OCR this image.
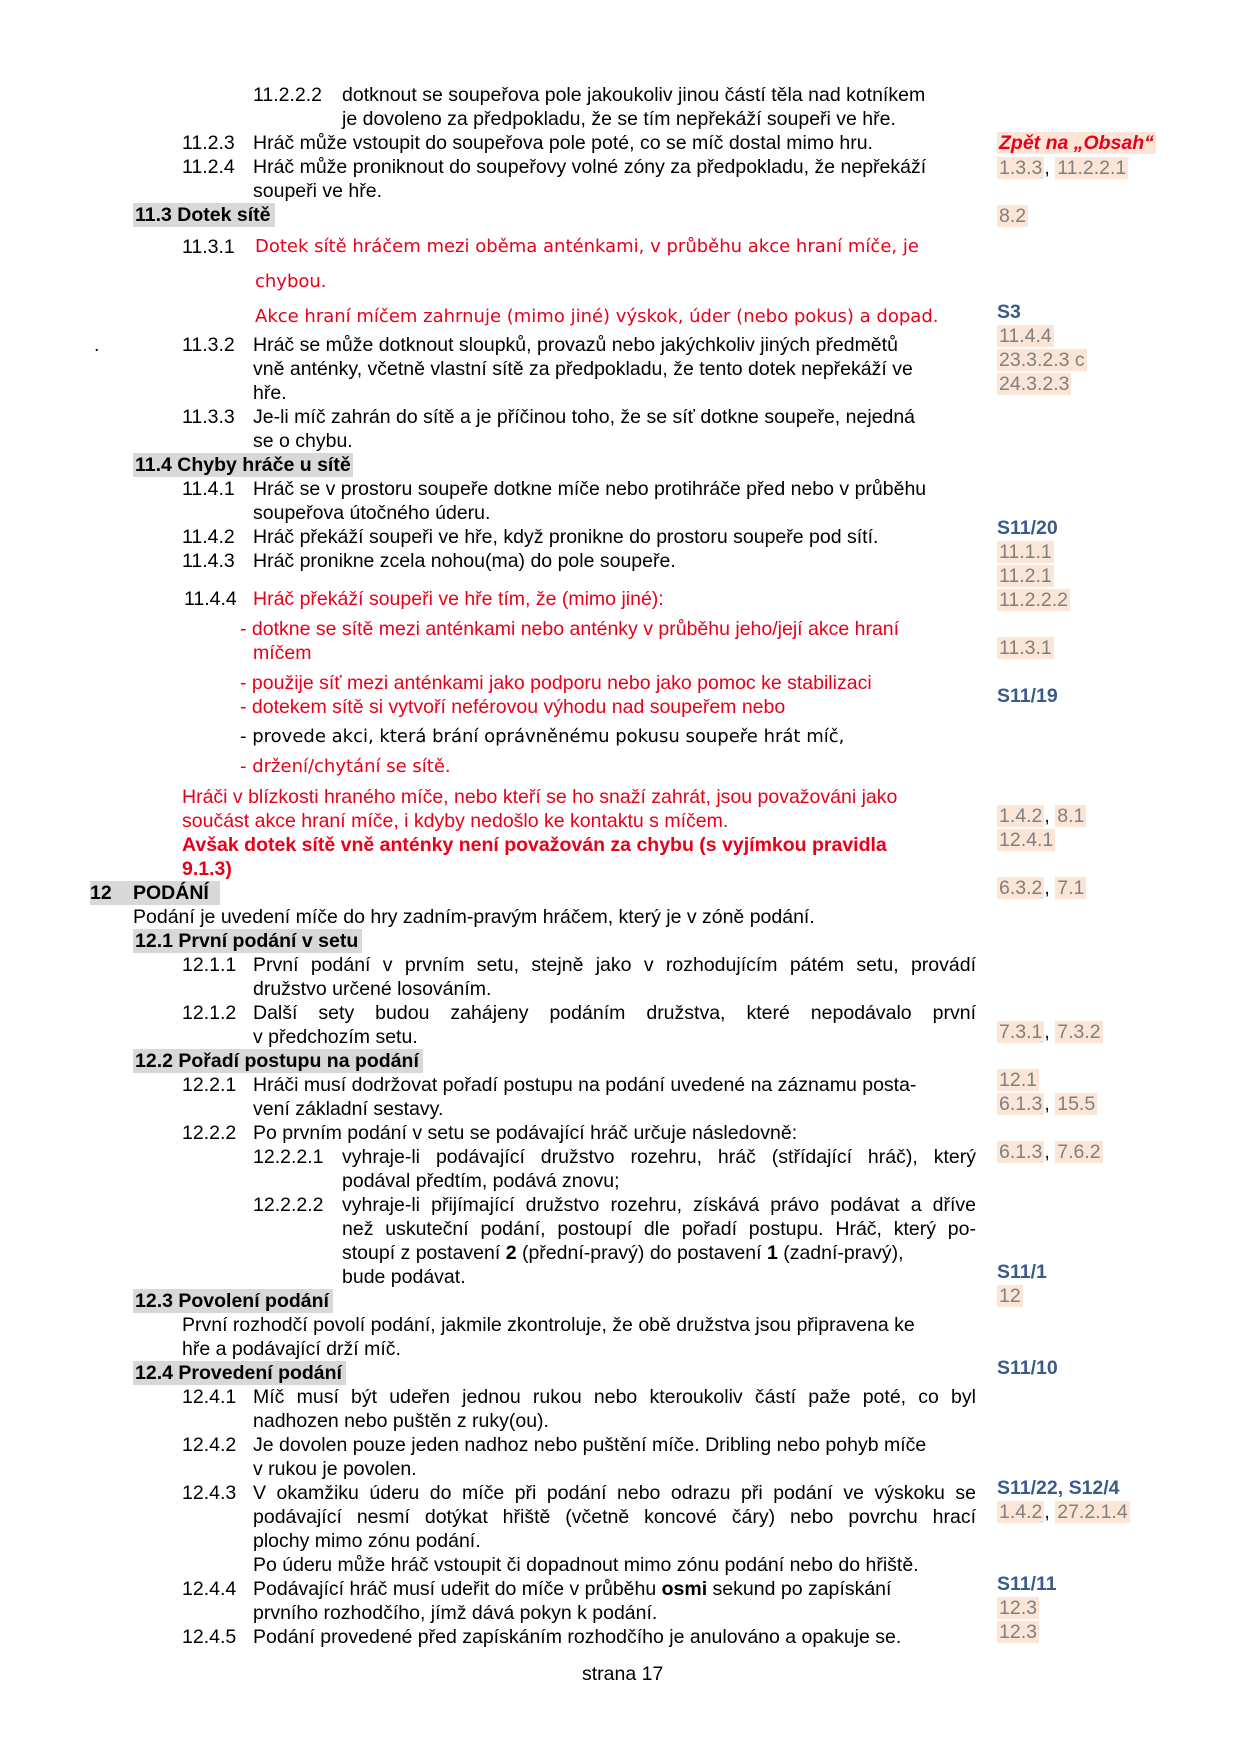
11.2.2.2 dotknout se soupeřova pole jakoukoliv jinou částí těla nad kotníkem
je dovoleno za předpokladu, že se tím nepřekáží soupeři ve hře.
11.2.3 Hráč může vstoupit do soupeřova pole poté, co se míč dostal mimo hru.
11.2.4 Hráč může proniknout do soupeřovy volné zóny za předpokladu, že nepřekáží
soupeři ve hře.
11.3 Dotek sítě
11.3.1 Dotek sítě hráčem mezi oběma anténkami, v průběhu akce hraní míče, je
chybou.
Akce hraní míčem zahrnuje (mimo jiné) výskok, úder (nebo pokus) a dopad.
.	11.3.2 Hráč se může dotknout sloupků, provazů nebo jakýchkoliv jiných předmětů
vně anténky, včetně vlastní sítě za předpokladu, že tento dotek nepřekáží ve
hře.
11.3.3 Je-li míč zahrán do sítě a je příčinou toho, že se síť dotkne soupeře, nejedná
se o chybu.
11.4 Chyby hráče u sítě
11.4.1 Hráč se v prostoru soupeře dotkne míče nebo protihráče před nebo v průběhu
soupeřova útočného úderu.
11.4.2 Hráč překáží soupeři ve hře, když pronikne do prostoru soupeře pod sítí.
11.4.3 Hráč pronikne zcela nohou(ma) do pole soupeře.
11.4.4 Hráč překáží soupeři ve hře tím, že (mimo jiné):
- dotkne se sítě mezi anténkami nebo anténky v průběhu jeho/její akce hraní
míčem
- použije síť mezi anténkami jako podporu nebo jako pomoc ke stabilizaci
- dotekem sítě si vytvoří neférovou výhodu nad soupeřem nebo
- provede akci, která brání oprávněnému pokusu soupeře hrát míč,
- držení/chytání se sítě.
Hráči v blízkosti hraného míče, nebo kteří se ho snaží zahrát, jsou považováni jako
součást akce hraní míče, i kdyby nedošlo ke kontaktu s míčem.
Avšak dotek sítě vně anténky není považován za chybu (s vyjímkou pravidla
9.1.3)
12 PODÁNÍ
Podání je uvedení míče do hry zadním-pravým hráčem, který je v zóně podání.
12.1 První podání v setu
12.1.1 První podání v prvním setu, stejně jako v rozhodujícím pátém setu, provádí
družstvo určené losováním.
12.1.2 Další sety budou zahájeny podáním družstva, které nepodávalo první
v předchozím setu.
12.2 Pořadí postupu na podání
12.2.1 Hráči musí dodržovat pořadí postupu na podání uvedené na záznamu posta-
vení základní sestavy.
12.2.2 Po prvním podání v setu se podávající hráč určuje následovně:
12.2.2.1 vyhraje-li podávající družstvo rozehru, hráč (střídající hráč), který
podával předtím, podává znovu;
12.2.2.2 vyhraje-li přijímající družstvo rozehru, získává právo podávat a dříve
než uskuteční podání, postoupí dle pořadí postupu. Hráč, který po-
stoupí z postavení 2 (přední-pravý) do postavení 1 (zadní-pravý),
bude podávat.
12.3 Povolení podání
První rozhodčí povolí podání, jakmile zkontroluje, že obě družstva jsou připravena ke
hře a podávající drží míč.
12.4 Provedení podání
12.4.1 Míč musí být udeřen jednou rukou nebo kteroukoliv částí paže poté, co byl
nadhozen nebo puštěn z ruky(ou).
12.4.2 Je dovolen pouze jeden nadhoz nebo puštění míče. Dribling nebo pohyb míče
v rukou je povolen.
12.4.3 V okamžiku úderu do míče při podání nebo odrazu při podání ve výskoku se
podávající nesmí dotýkat hřiště (včetně koncové čáry) nebo povrchu hrací
plochy mimo zónu podání.
Po úderu může hráč vstoupit či dopadnout mimo zónu podání nebo do hřiště.
12.4.4 Podávající hráč musí udeřit do míče v průběhu osmi sekund po zapískání
prvního rozhodčího, jímž dává pokyn k podání.
12.4.5 Podání provedené před zapískáním rozhodčího je anulováno a opakuje se.
strana 17
Zpět na „Obsah“
1.3.3 , 11.2.2.1
8.2
S3
11.4.4
23.3.2.3 c
24.3.2.3
S11/20
11.1.1
11.2.1
11.2.2.2
11.3.1
S11/19
1.4.2 , 8.1
12.4.1
6.3.2 , 7.1
7.3.1 , 7.3.2
12.1
6.1.3 , 15.5
6.1.3 , 7.6.2
S11/1
12
S11/10
S11/22, S12/4
1.4.2 , 27.2.1.4
S11/11
12.3
12.3
